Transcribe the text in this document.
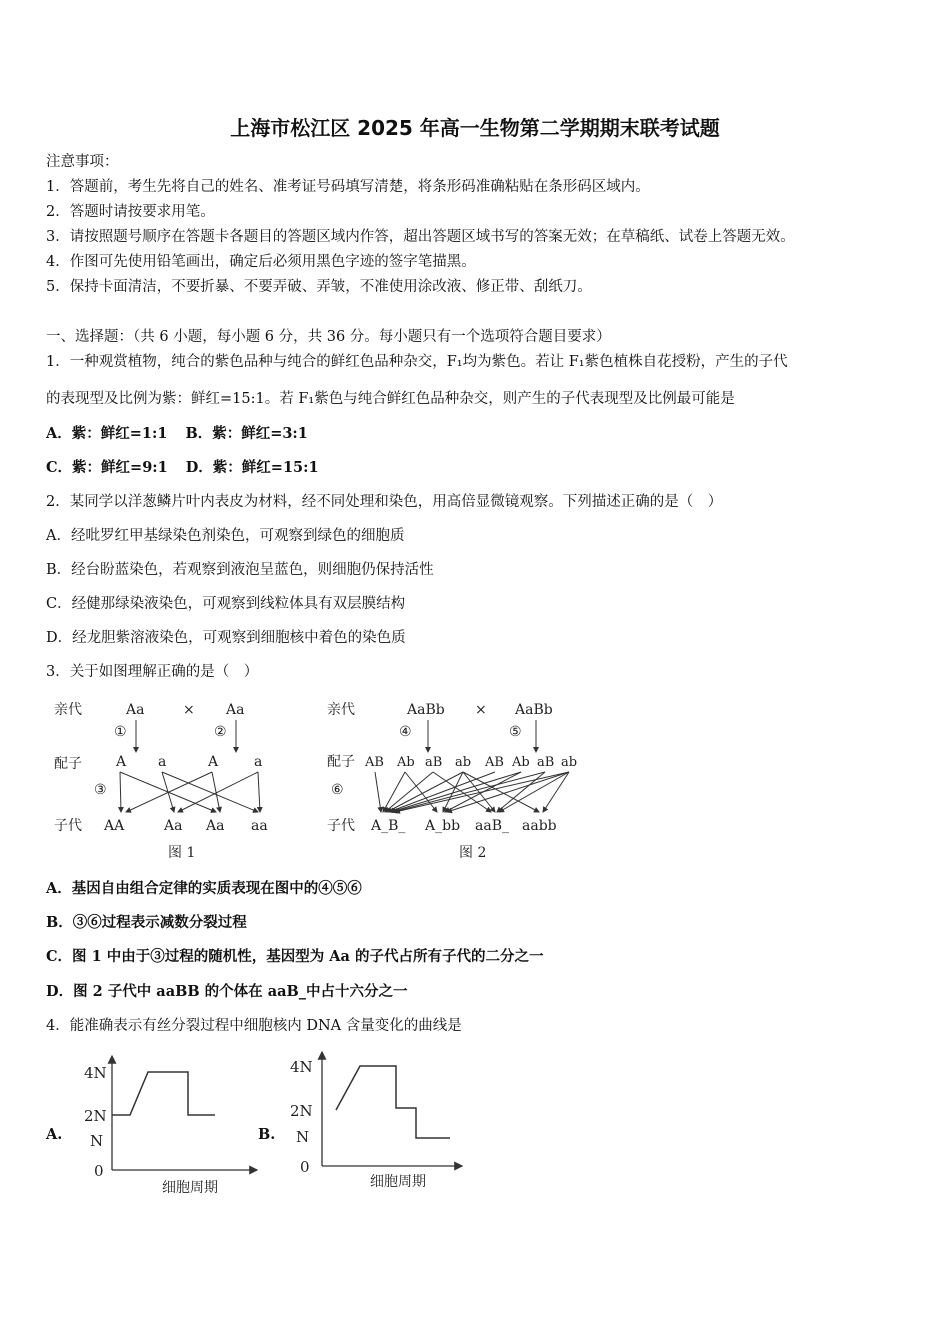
上海市松江区 2025 年高一生物第二学期期末联考试题
注意事项：
1．答题前，考生先将自己的姓名、准考证号码填写清楚，将条形码准确粘贴在条形码区域内。
2．答题时请按要求用笔。
3．请按照题号顺序在答题卡各题目的答题区域内作答，超出答题区域书写的答案无效；在草稿纸、试卷上答题无效。
4．作图可先使用铅笔画出，确定后必须用黑色字迹的签字笔描黑。
5．保持卡面清洁，不要折暴、不要弄破、弄皱，不准使用涂改液、修正带、刮纸刀。
一、选择题：（共 6 小题，每小题 6 分，共 36 分。每小题只有一个选项符合题目要求）
1．一种观赏植物，纯合的紫色品种与纯合的鲜红色品种杂交，F₁均为紫色。若让 F₁紫色植株自花授粉，产生的子代
的表现型及比例为紫：鲜红=15:1。若 F₁紫色与纯合鲜红色品种杂交，则产生的子代表现型及比例最可能是
A．紫：鲜红=1:1 B．紫：鲜红=3:1
C．紫：鲜红=9:1 D．紫：鲜红=15:1
2．某同学以洋葱鳞片叶内表皮为材料，经不同处理和染色，用高倍显微镜观察。下列描述正确的是（　）
A．经吡罗红甲基绿染色剂染色，可观察到绿色的细胞质
B．经台盼蓝染色，若观察到液泡呈蓝色，则细胞仍保持活性
C．经健那绿染液染色，可观察到线粒体具有双层膜结构
D．经龙胆紫溶液染色，可观察到细胞核中着色的染色质
3．关于如图理解正确的是（　）
亲代	Aa	× Aa
①	②
配子 A a	A	a
③
子代 AA	Aa Aa aa
图 1
亲代	AaBb × AaBb
④	⑤
配子 AB Ab aB ab AB Ab aB ab
⑥
子代 A_B_ A_bb aaB_ aabb
图 2
A．基因自由组合定律的实质表现在图中的④⑤⑥
B．③⑥过程表示减数分裂过程
C．图 1 中由于③过程的随机性，基因型为 Aa 的子代占所有子代的二分之一
D．图 2 子代中 aaBB 的个体在 aaB_中占十六分之一
4．能准确表示有丝分裂过程中细胞核内 DNA 含量变化的曲线是
A.	B.
4N
2N
N
0
细胞周期
4N
2N
N
0
细胞周期
